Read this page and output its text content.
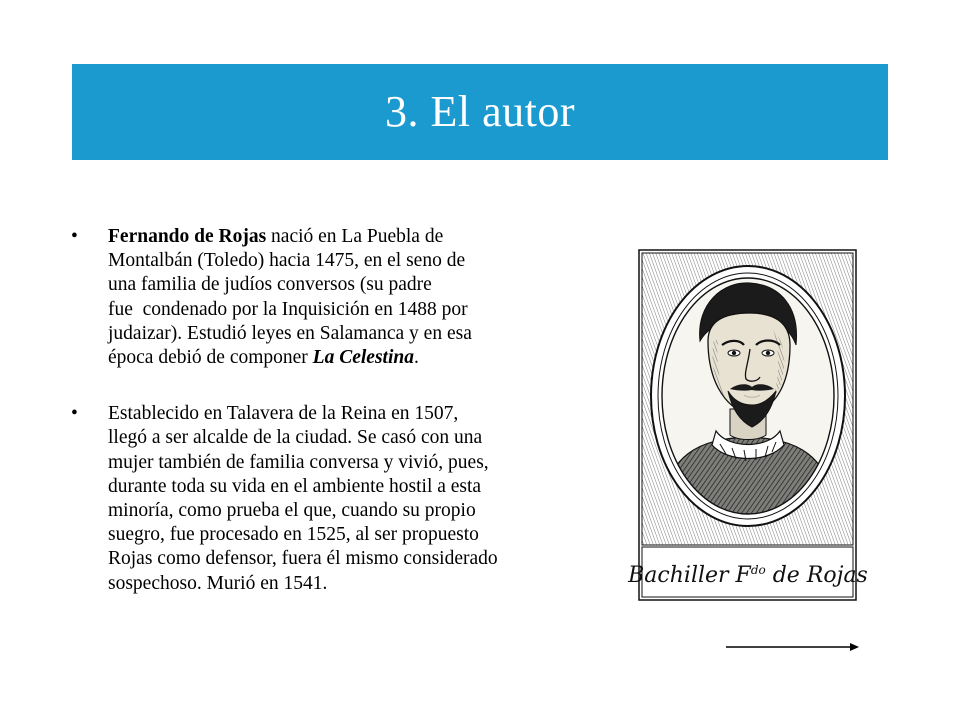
3. El autor
• Fernando de Rojas nació en La Puebla de
Montalbán (Toledo) hacia 1475, en el seno de
una familia de judíos conversos (su padre
fue  condenado por la Inquisición en 1488 por
judaizar). Estudió leyes en Salamanca y en esa
época debió de componer La Celestina.
• Establecido en Talavera de la Reina en 1507,
llegó a ser alcalde de la ciudad. Se casó con una
mujer también de familia conversa y vivió, pues,
durante toda su vida en el ambiente hostil a esta
minoría, como prueba el que, cuando su propio
suegro, fue procesado en 1525, al ser propuesto
Rojas como defensor, fuera él mismo considerado
sospechoso. Murió en 1541.	Bachiller $F^{do}$ de Rojas
